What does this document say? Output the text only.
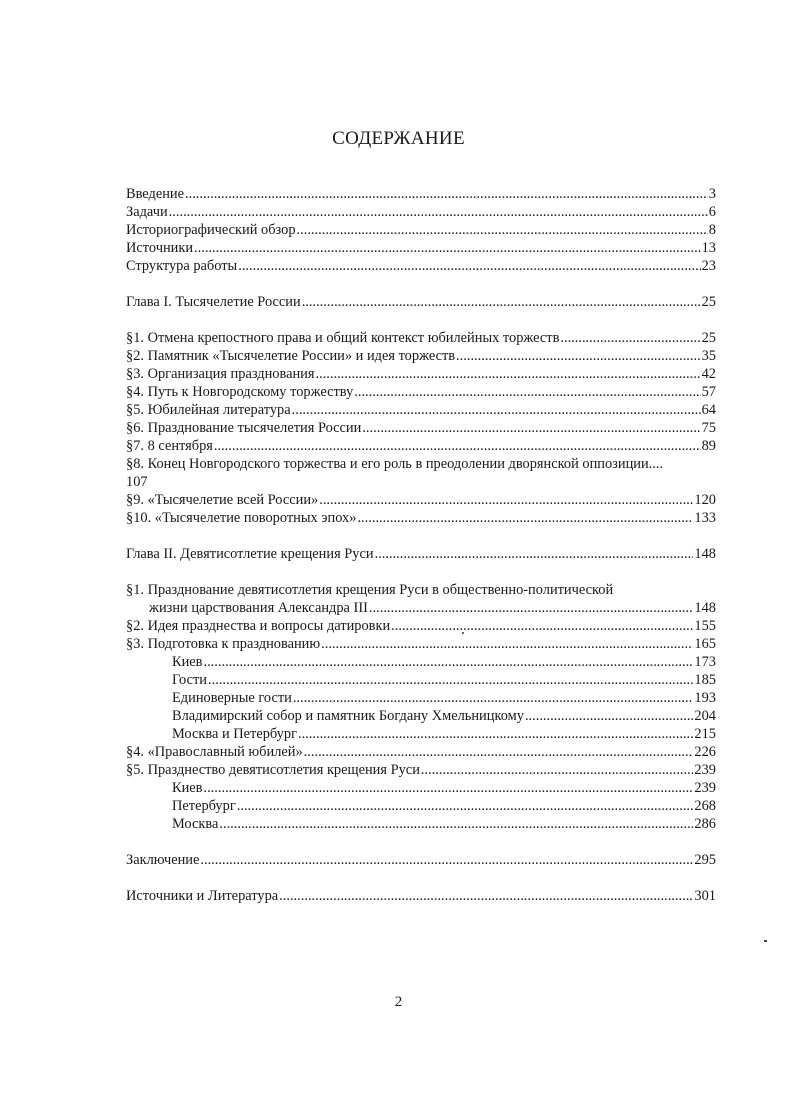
СОДЕРЖАНИЕ
Введение .....	3
Задачи .....	6
Историографический обзор .....	8
Источники .....	13
Структура работы .....	23
Глава I. Тысячелетие России .....	25
§1. Отмена крепостного права и общий контекст юбилейных торжеств .....	25
§2. Памятник «Тысячелетие России» и идея торжеств .....	35
§3. Организация празднования .....	42
§4. Путь к Новгородскому торжеству .....	57
§5. Юбилейная литература .....	64
§6. Празднование тысячелетия России .....	75
§7. 8 сентября .....	89
§8. Конец Новгородского торжества и его роль в преодолении дворянской оппозиции....
107
§9. «Тысячелетие всей России» .....	120
§10. «Тысячелетие поворотных эпох» .....	133
Глава II. Девятисотлетие крещения Руси .....	148
§1. Празднование девятисотлетия крещения Руси в общественно-политической
жизни царствования Александра III .....	148
§2. Идея празднества и вопросы датировки .....	155
§3. Подготовка к празднованию .....	165
Киев .....	173
Гости .....	185
Единоверные гости .....	193
Владимирский собор и памятник Богдану Хмельницкому .....	204
Москва и Петербург .....	215
§4. «Православный юбилей» .....	226
§5. Празднество девятисотлетия крещения Руси .....	239
Киев .....	239
Петербург .....	268
Москва .....	286
Заключение .....	295
Источники и Литература .....	301
2
